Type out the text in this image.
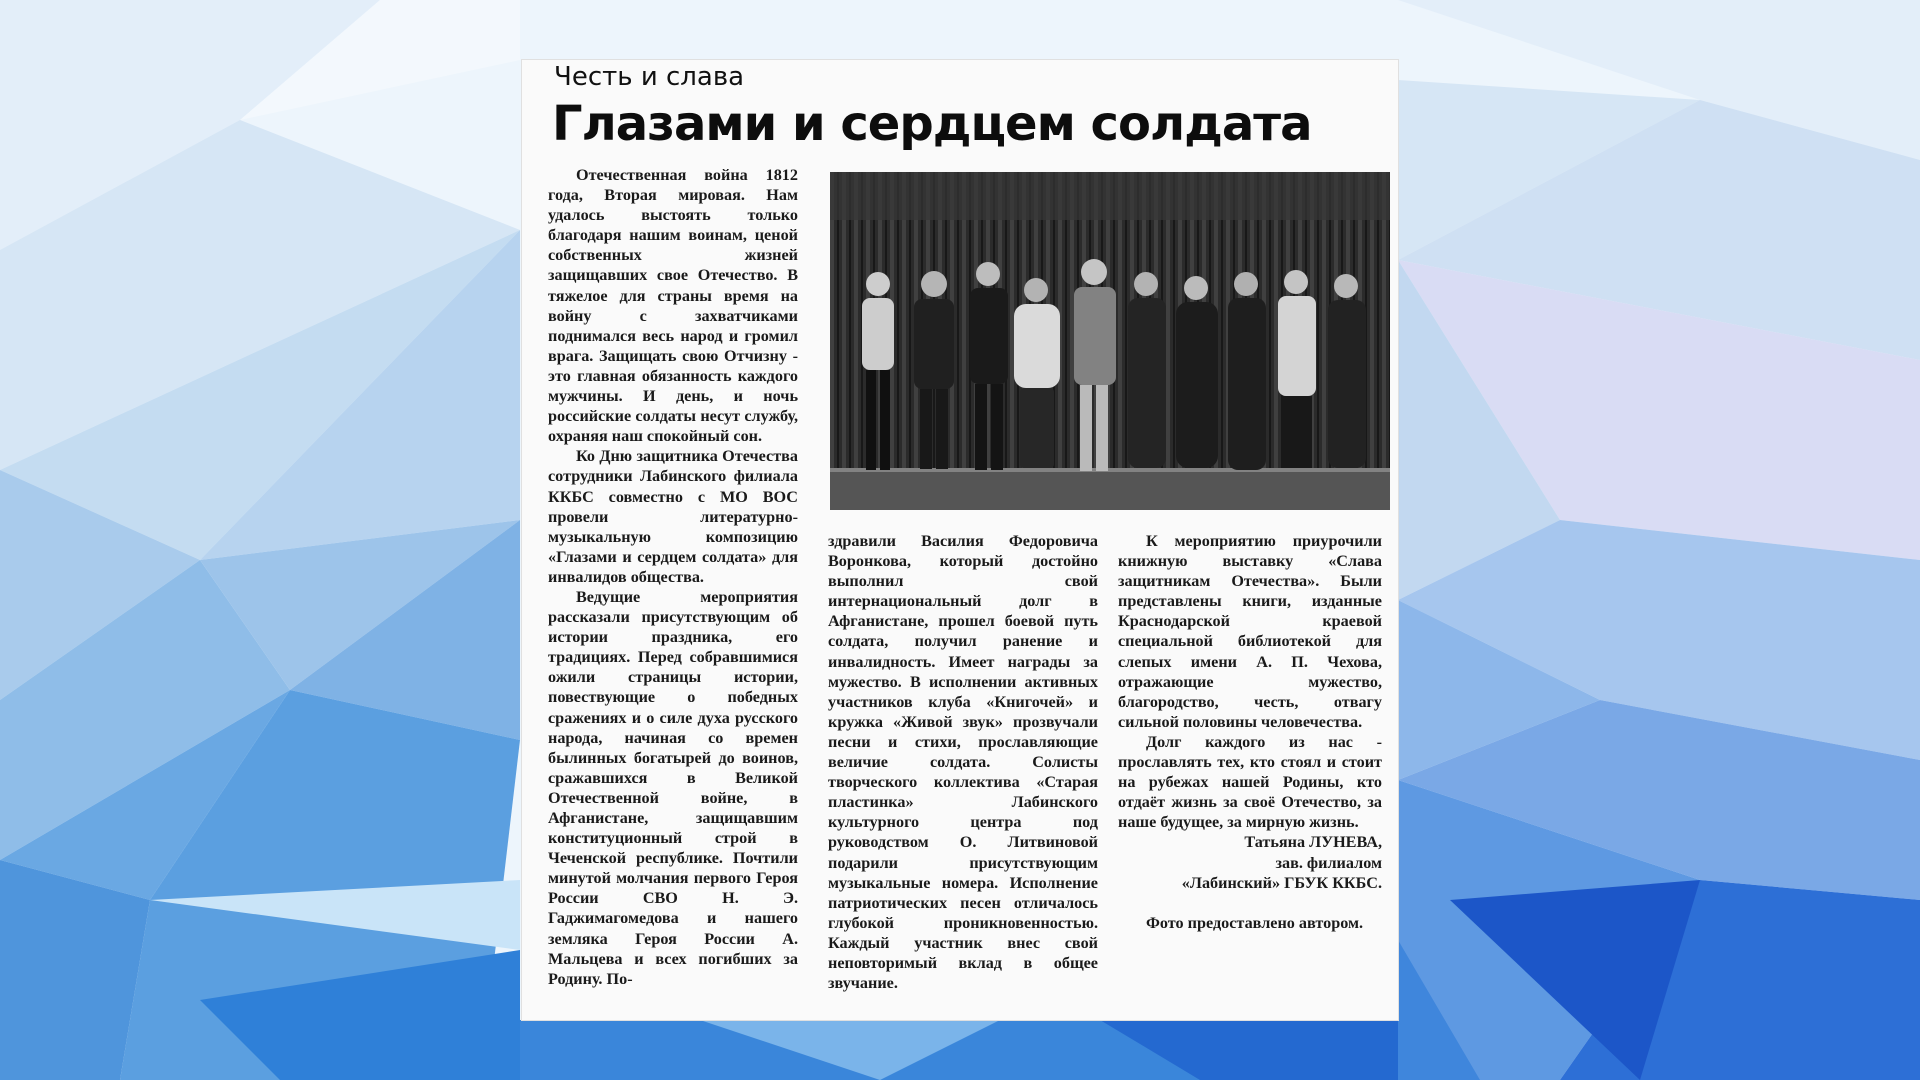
Честь и слава
Глазами и сердцем солдата

Отечественная война 1812 года, Вторая мировая. Нам удалось выстоять только благодаря нашим воинам, ценой собственных жизней защищавших свое Отечество. В тяжелое для страны время на войну с захватчиками поднимался весь народ и громил врага. Защищать свою Отчизну - это главная обязанность каждого мужчины. И день, и ночь российские солдаты несут службу, охраняя наш спокойный сон.

Ко Дню защитника Отечества сотрудники Лабинского филиала ККБС совместно с МО ВОС провели литературно-музыкальную композицию «Глазами и сердцем солдата» для инвалидов общества.

Ведущие мероприятия рассказали присутствующим об истории праздника, его традициях. Перед собравшимися ожили страницы истории, повествующие о победных сражениях и о силе духа русского народа, начиная со времен былинных богатырей до воинов, сражавшихся в Великой Отечественной войне, в Афганистане, защищавшим конституционный строй в Чеченской республике. Почтили минутой молчания первого Героя России СВО Н. Э. Гаджимагомедова и нашего земляка Героя России А. Мальцева и всех погибших за Родину. По-

здравили Василия Федоровича Воронкова, который достойно выполнил свой интернациональный долг в Афганистане, прошел боевой путь солдата, получил ранение и инвалидность. Имеет награды за мужество. В исполнении активных участников клуба «Книгочей» и кружка «Живой звук» прозвучали песни и стихи, прославляющие величие солдата. Солисты творческого коллектива «Старая пластинка» Лабинского культурного центра под руководством О. Литвиновой подарили присутствующим музыкальные номера. Исполнение патриотических песен отличалось глубокой проникновенностью. Каждый участник внес свой неповторимый вклад в общее звучание.

К мероприятию приурочили книжную выставку «Слава защитникам Отечества». Были представлены книги, изданные Краснодарской краевой специальной библиотекой для слепых имени А. П. Чехова, отражающие мужество, благородство, честь, отвагу сильной половины человечества.

Долг каждого из нас - прославлять тех, кто стоял и стоит на рубежах нашей Родины, кто отдаёт жизнь за своё Отечество, за наше будущее, за мирную жизнь.

Татьяна ЛУНЕВА,

зав. филиалом

«Лабинский» ГБУК ККБС.

Фото предоставлено автором.
